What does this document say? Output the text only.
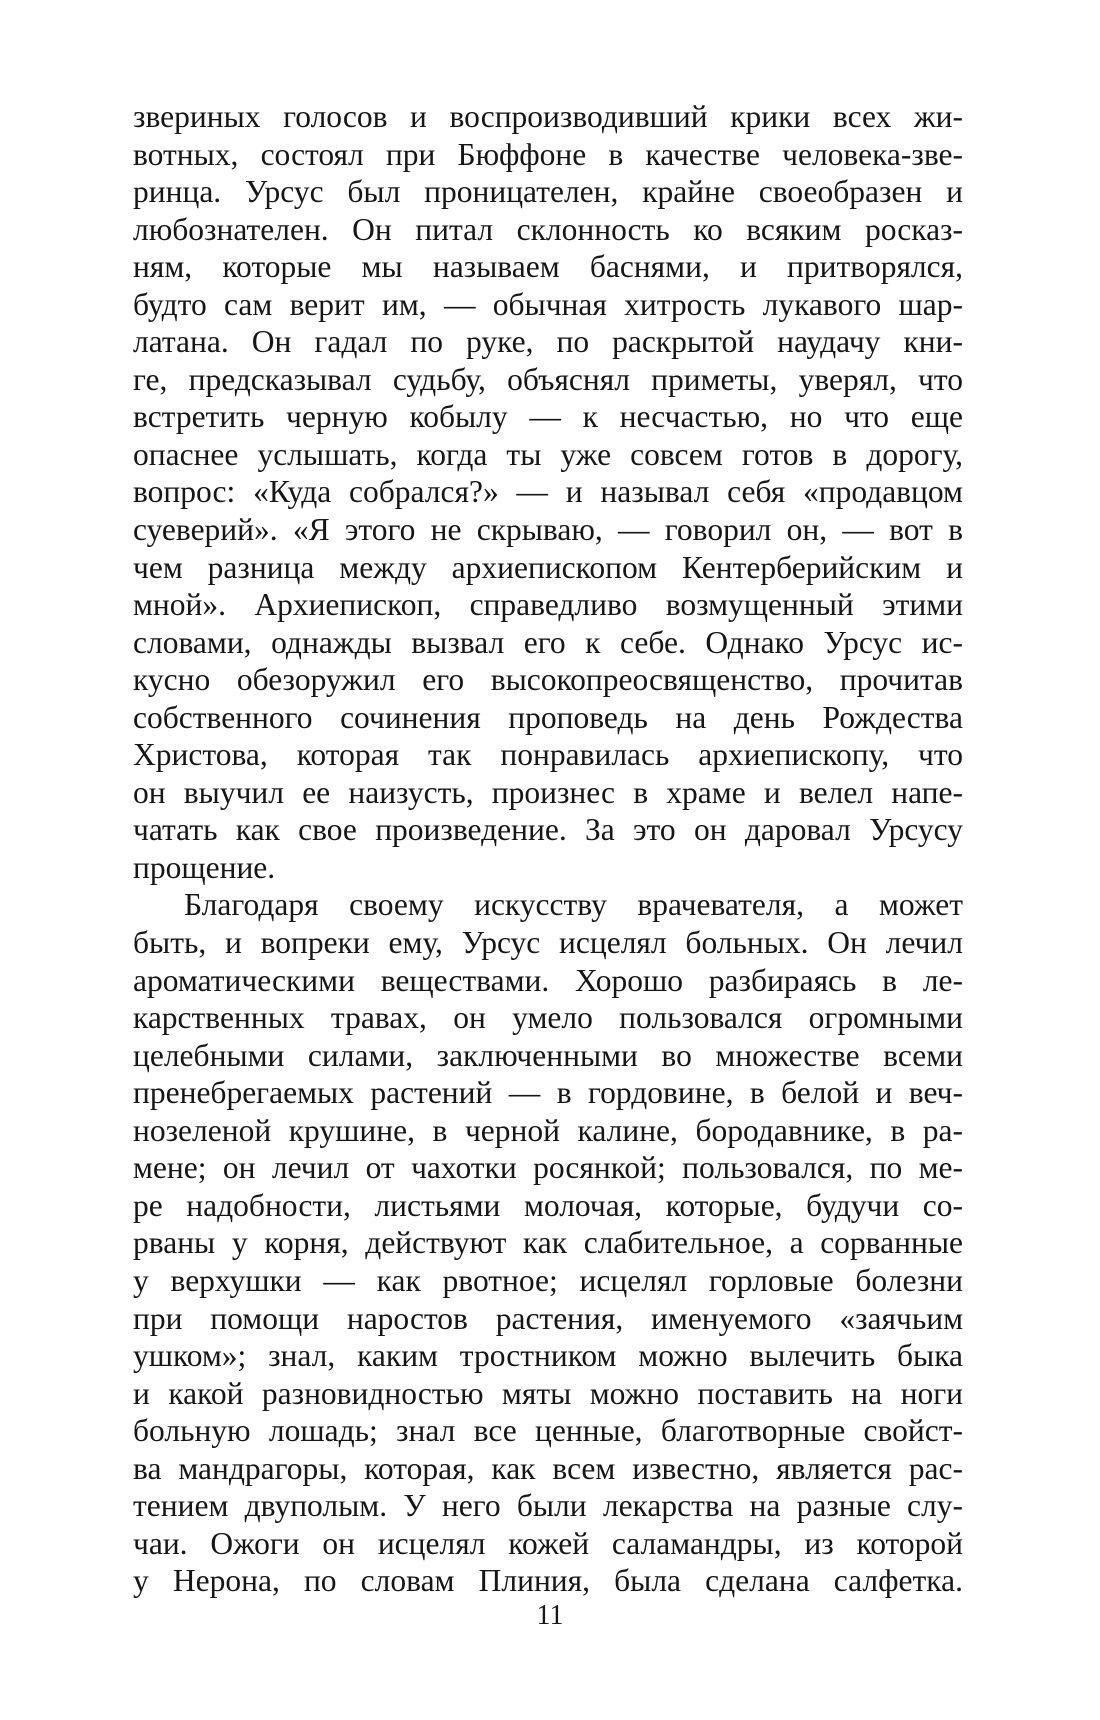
звериных голосов и воспроизводивший крики всех жи-
вотных, состоял при Бюффоне в качестве человека-зве-
ринца. Урсус был проницателен, крайне своеобразен и
любознателен. Он питал склонность ко всяким росказ-
ням, которые мы называем баснями, и притворялся,
будто сам верит им, — обычная хитрость лукавого шар-
латана. Он гадал по руке, по раскрытой наудачу кни-
ге, предсказывал судьбу, объяснял приметы, уверял, что
встретить черную кобылу — к несчастью, но что еще
опаснее услышать, когда ты уже совсем готов в дорогу,
вопрос: «Куда собрался?» — и называл себя «продавцом
суеверий». «Я этого не скрываю, — говорил он, — вот в
чем разница между архиепископом Кентерберийским и
мной». Архиепископ, справедливо возмущенный этими
словами, однажды вызвал его к себе. Однако Урсус ис-
кусно обезоружил его высокопреосвященство, прочитав
собственного сочинения проповедь на день Рождества
Христова, которая так понравилась архиепископу, что
он выучил ее наизусть, произнес в храме и велел напе-
чатать как свое произведение. За это он даровал Урсусу
прощение.
Благодаря своему искусству врачевателя, а может
быть, и вопреки ему, Урсус исцелял больных. Он лечил
ароматическими веществами. Хорошо разбираясь в ле-
карственных травах, он умело пользовался огромными
целебными силами, заключенными во множестве всеми
пренебрегаемых растений — в гордовине, в белой и веч-
нозеленой крушине, в черной калине, бородавнике, в ра-
мене; он лечил от чахотки росянкой; пользовался, по ме-
ре надобности, листьями молочая, которые, будучи со-
рваны у корня, действуют как слабительное, а сорванные
у верхушки — как рвотное; исцелял горловые болезни
при помощи наростов растения, именуемого «заячьим
ушком»; знал, каким тростником можно вылечить быка
и какой разновидностью мяты можно поставить на ноги
больную лошадь; знал все ценные, благотворные свойст-
ва мандрагоры, которая, как всем известно, является рас-
тением двуполым. У него были лекарства на разные слу-
чаи. Ожоги он исцелял кожей саламандры, из которой
у Нерона, по словам Плиния, была сделана салфетка.
11
